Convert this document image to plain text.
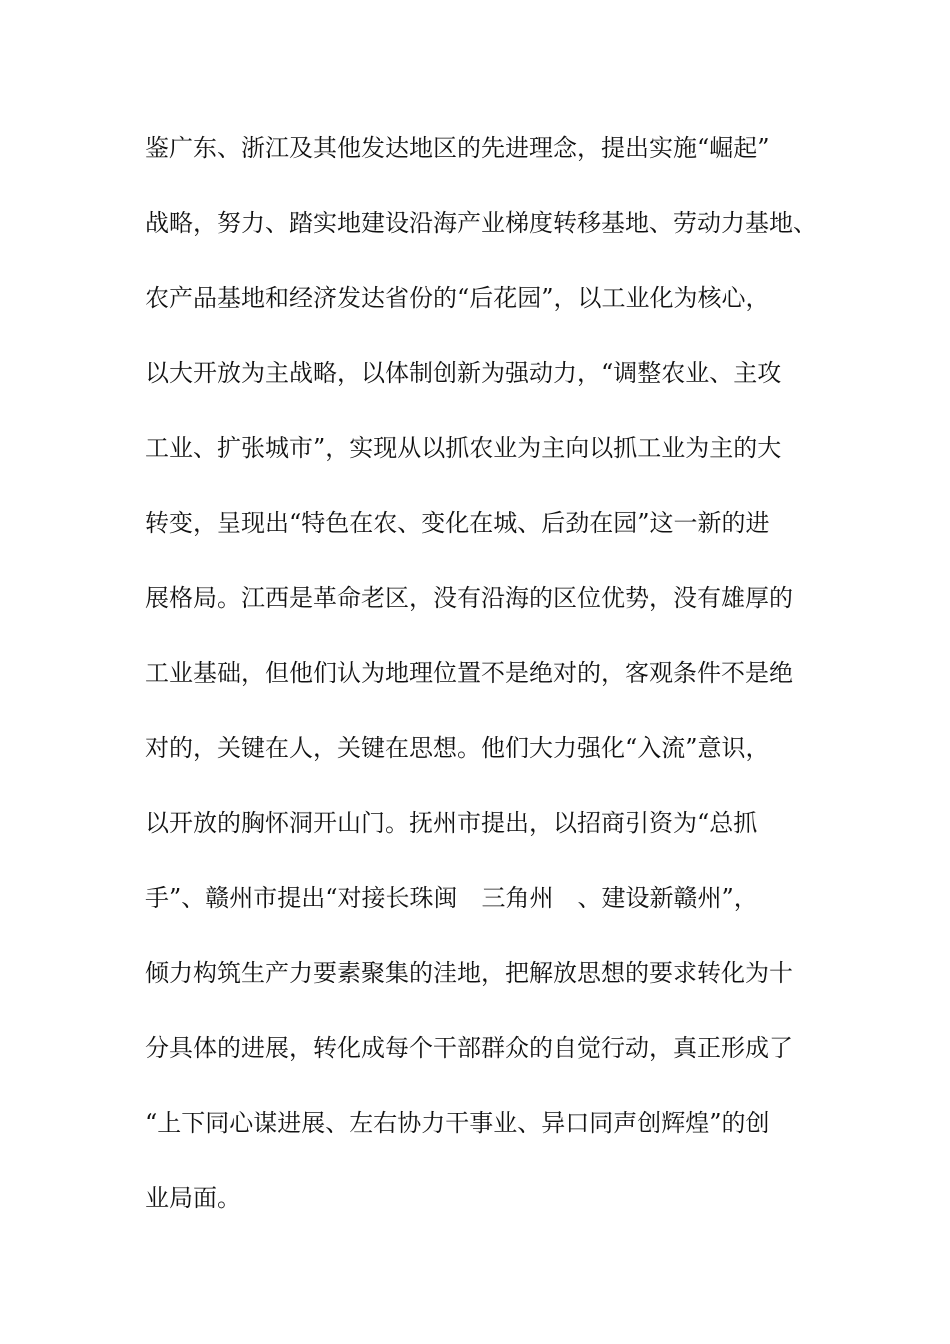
鉴广东、浙江及其他发达地区的先进理念，提出实施“崛起”
战略，努力、踏实地建设沿海产业梯度转移基地、劳动力基地、
农产品基地和经济发达省份的“后花园”，以工业化为核心，
以大开放为主战略，以体制创新为强动力，“调整农业、主攻
工业、扩张城市”，实现从以抓农业为主向以抓工业为主的大
转变，呈现出“特色在农、变化在城、后劲在园”这一新的进
展格局。江西是革命老区，没有沿海的区位优势，没有雄厚的
工业基础，但他们认为地理位置不是绝对的，客观条件不是绝
对的，关键在人，关键在思想。他们大力强化“入流”意识，
以开放的胸怀洞开山门。抚州市提出，以招商引资为“总抓
手”、赣州市提出“对接长珠闽　三角州　、建设新赣州”，
倾力构筑生产力要素聚集的洼地，把解放思想的要求转化为十
分具体的进展，转化成每个干部群众的自觉行动，真正形成了
“上下同心谋进展、左右协力干事业、异口同声创辉煌”的创
业局面。
